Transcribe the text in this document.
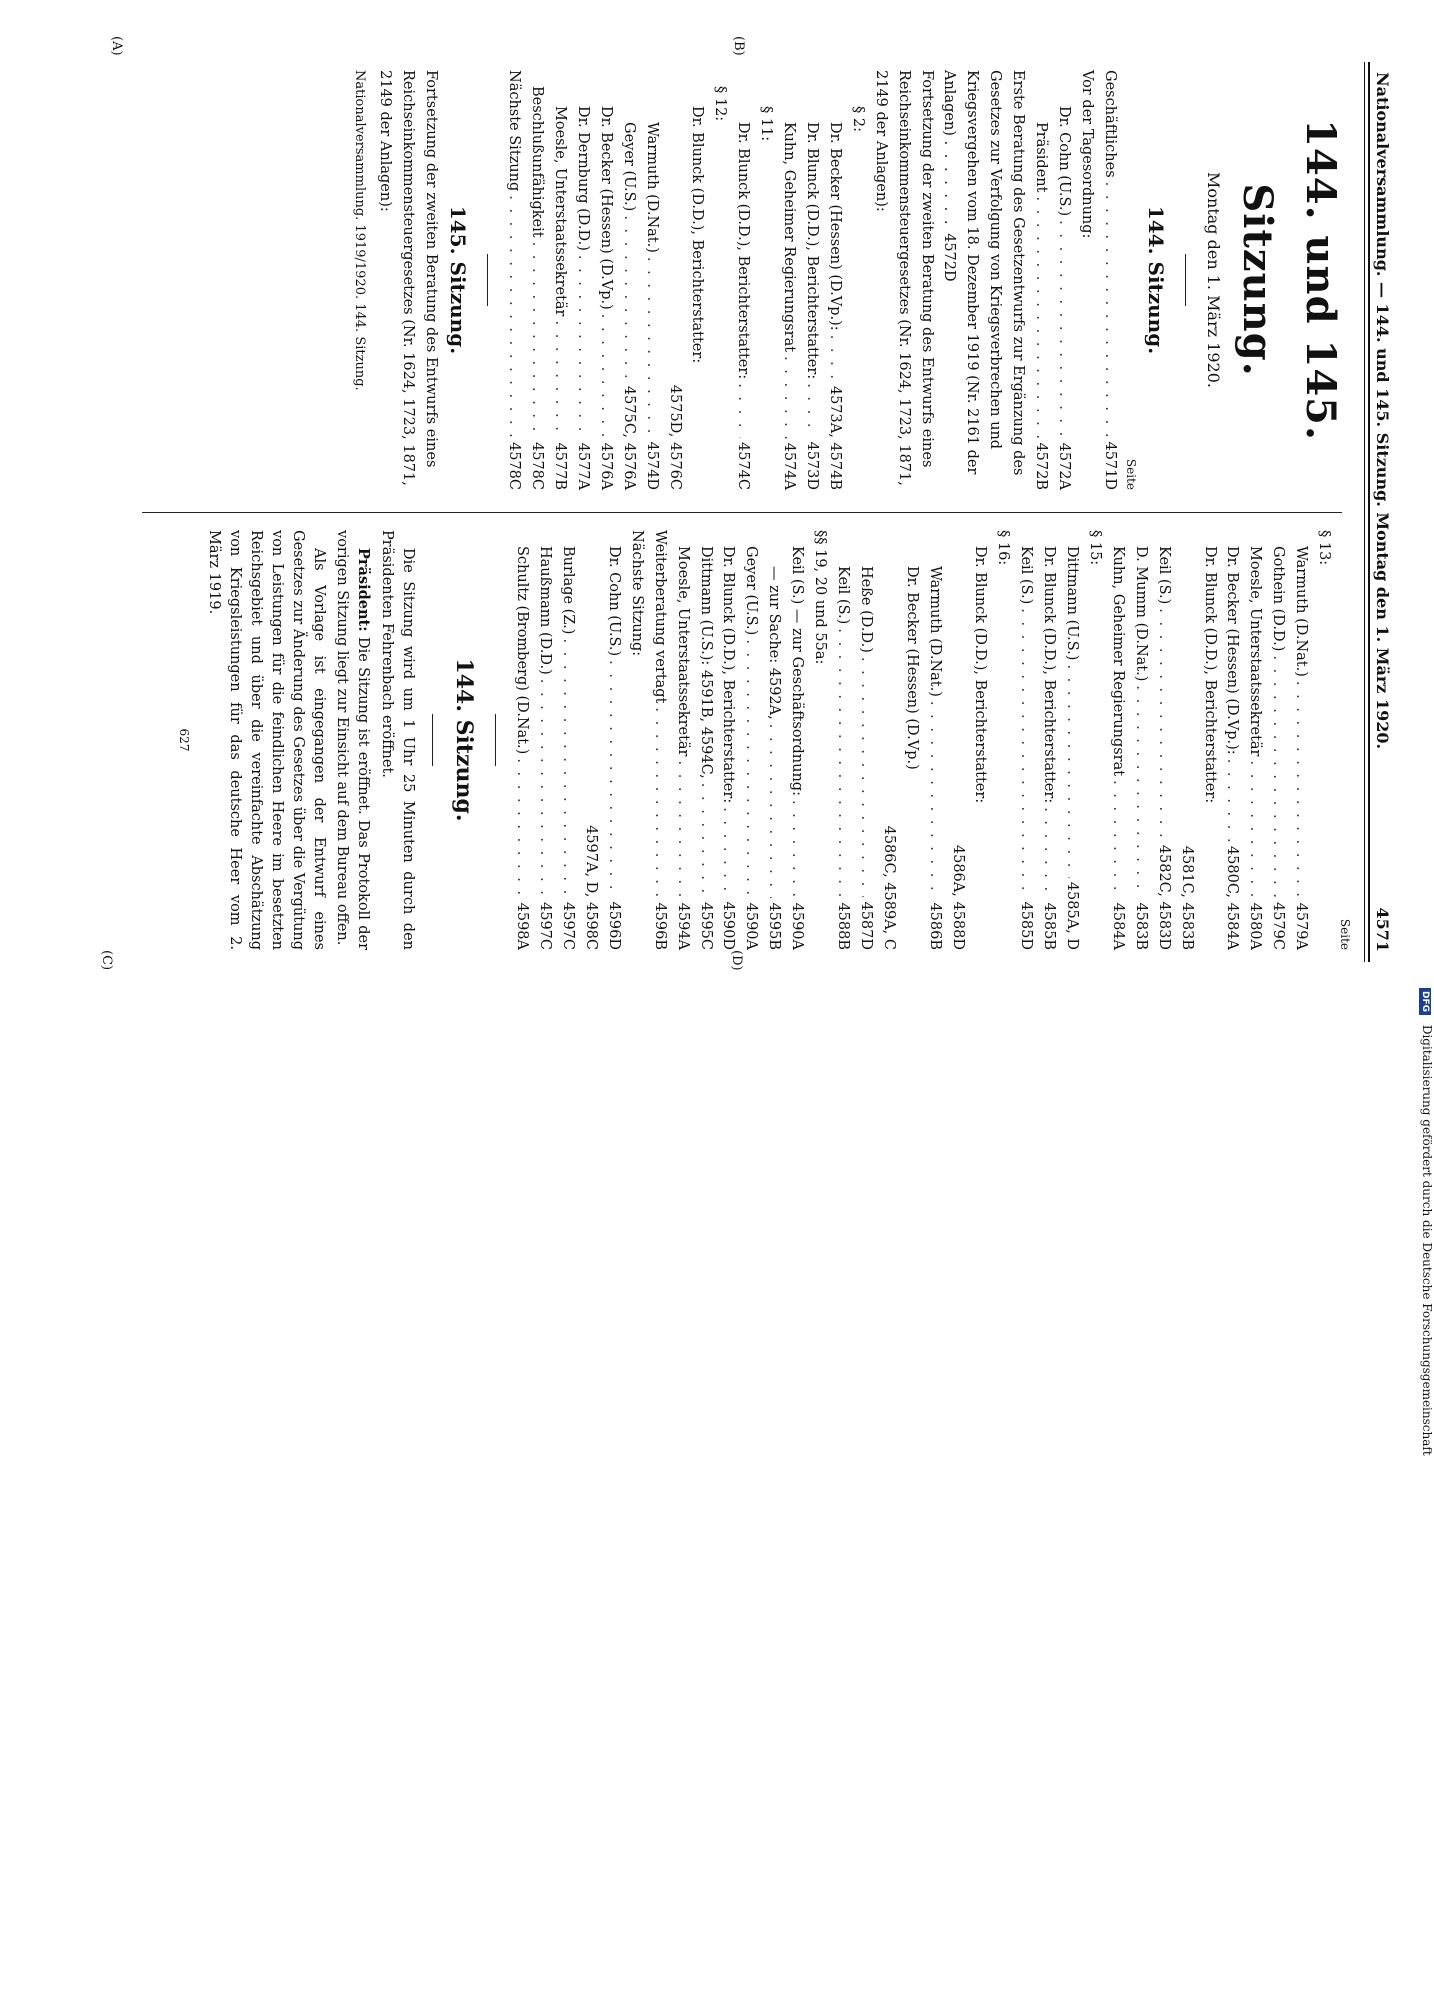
(A)	(B)
(C)	(D)
Nationalversammlung. — 144. und 145. Sitzung. Montag den 1. März 1920.
4571
144. und 145. Sitzung.
Montag den 1. März 1920.
144. Sitzung.
Seite
Geschäftliches
. . .
4571D
Vor der Tagesordnung:
Dr. Cohn (U.S.)
. . .
4572A
Präsident
. . .
4572B
Erste Beratung des Gesetzentwurfs zur Ergänzung des Gesetzes zur Verfolgung von Kriegsverbrechen und Kriegsvergehen vom 18. Dezember 1919 (Nr. 2161 der Anlagen) . . . . . . . 4572D
Fortsetzung der zweiten Beratung des Entwurfs eines Reichseinkommensteuergesetzes (Nr. 1624, 1723, 1871, 2149 der Anlagen):
§ 2:
Dr. Becker (Hessen) (D.Vp.):
. . .
4573A, 4574B
Dr. Blunck (D.D.), Berichterstatter:
. . .
4573D
Kuhn, Geheimer Regierungsrat
. . .
4574A
§ 11:
Dr. Blunck (D.D.), Berichterstatter:
. . .
4574C
§ 12:
Dr. Blunck (D.D.), Berichterstatter:
4575D, 4576C
Warmuth (D.Nat.)
. . .
4574D
Geyer (U.S.)
. . .
4575C, 4576A
Dr. Becker (Hessen) (D.Vp.)
. . .
4576A
Dr. Dernburg (D.D.)
. . .
4577A
Moesle, Unterstaatssekretär
. . .
4577B
Beschlußunfähigkeit
. . .
4578C
Nächste Sitzung
. . .
4578C
145. Sitzung.
Fortsetzung der zweiten Beratung des Entwurfs eines Reichseinkommensteuergesetzes (Nr. 1624, 1723, 1871, 2149 der Anlagen):
Nationalversammlung. 1919/1920. 144. Sitzung.
Seite
§ 13:
Warmuth (D.Nat.)
. . .
4579A
Gothein (D.D.)
. . .
4579C
Moesle, Unterstaatssekretär
. . .
4580A
Dr. Becker (Hessen) (D.Vp.):
. . .
4580C, 4584A
Dr. Blunck (D.D.), Berichterstatter:
4581C, 4583B
Keil (S.)
. . .
4582C, 4583D
D. Mumm (D.Nat.)
. . .
4583B
Kuhn, Geheimer Regierungsrat
. . .
4584A
§ 15:
Dittmann (U.S.)
. . .
4585A, D
Dr. Blunck (D.D.), Berichterstatter:
. . .
4585B
Keil (S.)
. . .
4585D
§ 16:
Dr. Blunck (D.D.), Berichterstatter:
4586A, 4588D
Warmuth (D.Nat.)
. . .
4586B
Dr. Becker (Hessen) (D.Vp.)
4586C, 4589A, C
Heße (D.D.)
. . .
4587D
Keil (S.)
. . .
4588B
§§ 19, 20 und 55a:
Keil (S.) — zur Geschäftsordnung:
. . .
4590A
— zur Sache: 4592A,
. . .
4595B
Geyer (U.S.)
. . .
4590A
Dr. Blunck (D.D.), Berichterstatter:
. . .
4590D
Dittmann (U.S.): 4591B, 4594C,
. . .
4595C
Moesle, Unterstaatssekretär
. . .
4594A
Weiterberatung vertagt
. . .
4596B
Nächste Sitzung:
Dr. Cohn (U.S.)
. . .
4596D
4597A, D, 4598C
Burlage (Z.)
. . .
4597C
Haußmann (D.D.)
. . .
4597C
Schultz (Bromberg) (D.Nat.)
. . .
4598A
144. Sitzung.

Die Sitzung wird um 1 Uhr 25 Minuten durch den Präsidenten Fehrenbach eröffnet.

Präsident: Die Sitzung ist eröffnet. Das Protokoll der vorigen Sitzung liegt zur Einsicht auf dem Bureau offen.

Als Vorlage ist eingegangen der Entwurf eines Gesetzes zur Änderung des Gesetzes über die Vergütung von Leistungen für die feindlichen Heere im besetzten Reichsgebiet und über die vereinfachte Abschätzung von Kriegsleistungen für das deutsche Heer vom 2. März 1919.

627
DFG Digitalisierung gefördert durch die Deutsche Forschungsgemeinschaft
